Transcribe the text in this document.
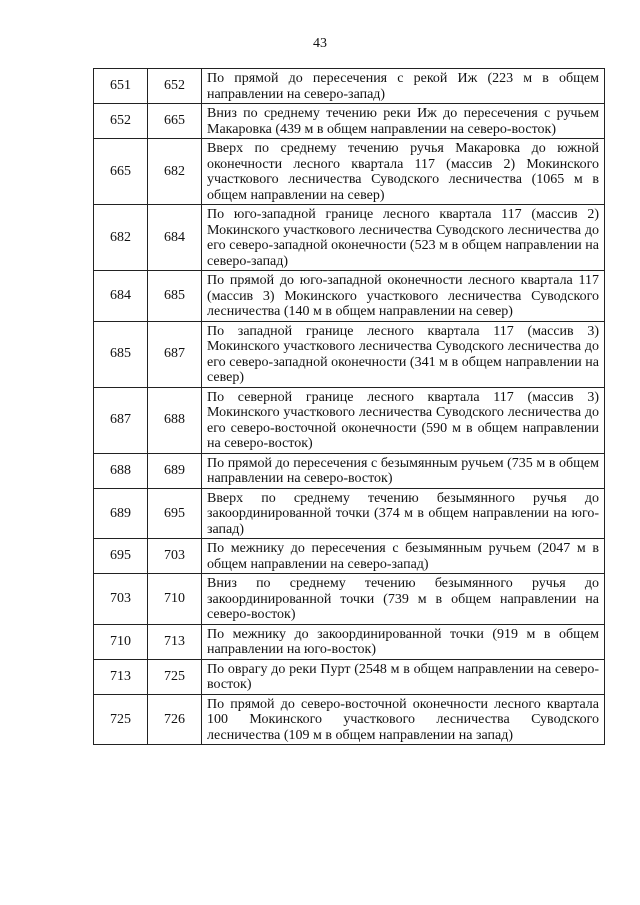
43
651	652	По прямой до пересечения с рекой Иж (223 м в общем направлении на северо-запад)
652	665	Вниз по среднему течению реки Иж до пересечения с ручьем Макаровка (439 м в общем направлении на северо-восток)
665	682	Вверх по среднему течению ручья Макаровка до южной оконечности лесного квартала 117 (массив 2) Мокинского участкового лесничества Суводского лесничества (1065 м в общем направлении на север)
682	684	По юго-западной границе лесного квартала 117 (массив 2) Мокинского участкового лесничества Суводского лесничества до его северо-западной оконечности (523 м в общем направлении на северо-запад)
684	685	По прямой до юго-западной оконечности лесного квартала 117 (массив 3) Мокинского участкового лесничества Суводского лесничества (140 м в общем направлении на север)
685	687	По западной границе лесного квартала 117 (массив 3) Мокинского участкового лесничества Суводского лесничества до его северо-западной оконечности (341 м в общем направлении на север)
687	688	По северной границе лесного квартала 117 (массив 3) Мокинского участкового лесничества Суводского лесничества до его северо-восточной оконечности (590 м в общем направлении на северо-восток)
688	689	По прямой до пересечения с безымянным ручьем (735 м в общем направлении на северо-восток)
689	695	Вверх по среднему течению безымянного ручья до закоординированной точки (374 м в общем направлении на юго-запад)
695	703	По межнику до пересечения с безымянным ручьем (2047 м в общем направлении на северо-запад)
703	710	Вниз по среднему течению безымянного ручья до закоординированной точки (739 м в общем направлении на северо-восток)
710	713	По межнику до закоординированной точки (919 м в общем направлении на юго-восток)
713	725	По оврагу до реки Пурт (2548 м в общем направлении на северо-восток)
725	726	По прямой до северо-восточной оконечности лесного квартала 100 Мокинского участкового лесничества Суводского лесничества (109 м в общем направлении на запад)
